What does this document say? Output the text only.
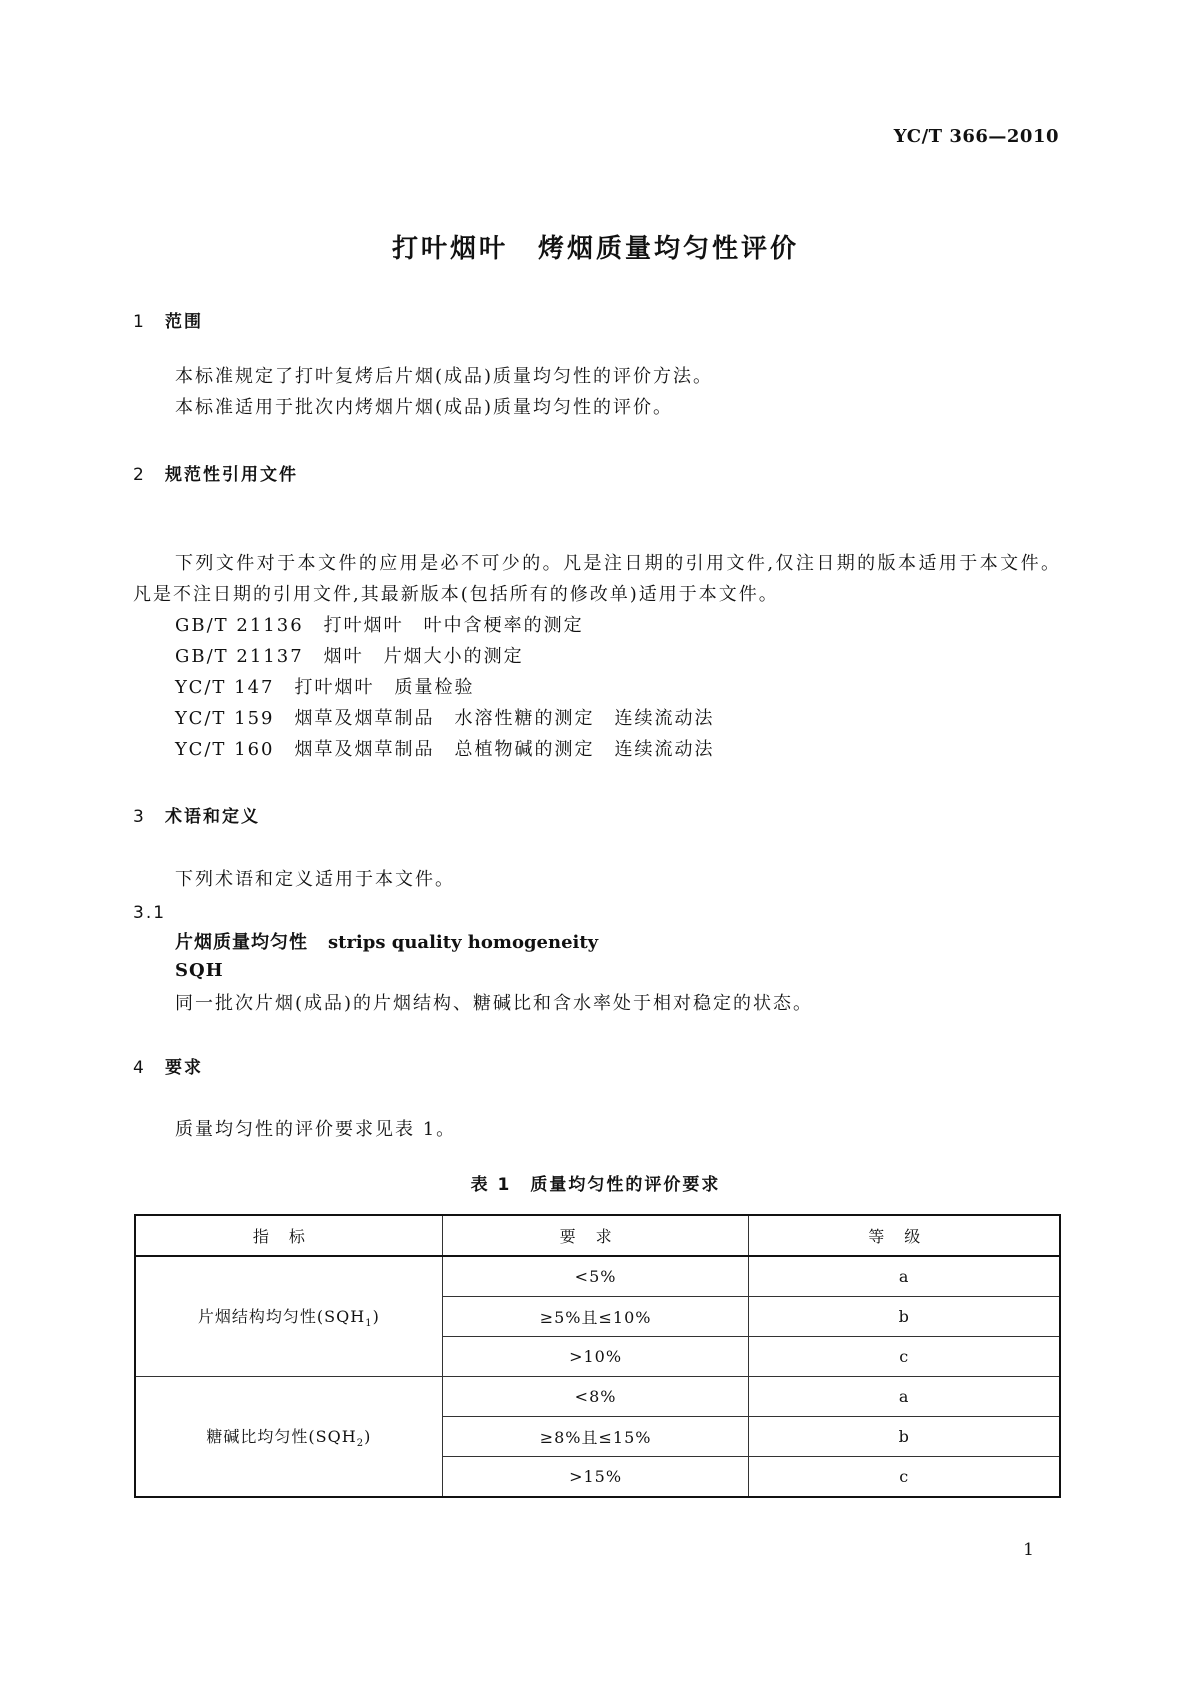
YC/T 366—2010
打叶烟叶 烤烟质量均匀性评价
1 范围
本标准规定了打叶复烤后片烟(成品)质量均匀性的评价方法。
本标准适用于批次内烤烟片烟(成品)质量均匀性的评价。
2 规范性引用文件
下列文件对于本文件的应用是必不可少的。凡是注日期的引用文件,仅注日期的版本适用于本文件。凡是不注日期的引用文件,其最新版本(包括所有的修改单)适用于本文件。
GB/T 21136 打叶烟叶　叶中含梗率的测定
GB/T 21137 烟叶　片烟大小的测定
YC/T 147 打叶烟叶　质量检验
YC/T 159 烟草及烟草制品　水溶性糖的测定　连续流动法
YC/T 160 烟草及烟草制品　总植物碱的测定　连续流动法
3 术语和定义
下列术语和定义适用于本文件。
3.1
片烟质量均匀性 strips quality homogeneity
SQH
同一批次片烟(成品)的片烟结构、糖碱比和含水率处于相对稳定的状态。
4 要求
质量均匀性的评价要求见表 1。
表 1　质量均匀性的评价要求
指标	要求	等级
片烟结构均匀性$(SQH_1)$	<5%	a
	≥5%且≤10%	b
	>10%	c
糖碱比均匀性$(SQH_2)$	<8%	a
	≥8%且≤15%	b
	>15%	c
1
